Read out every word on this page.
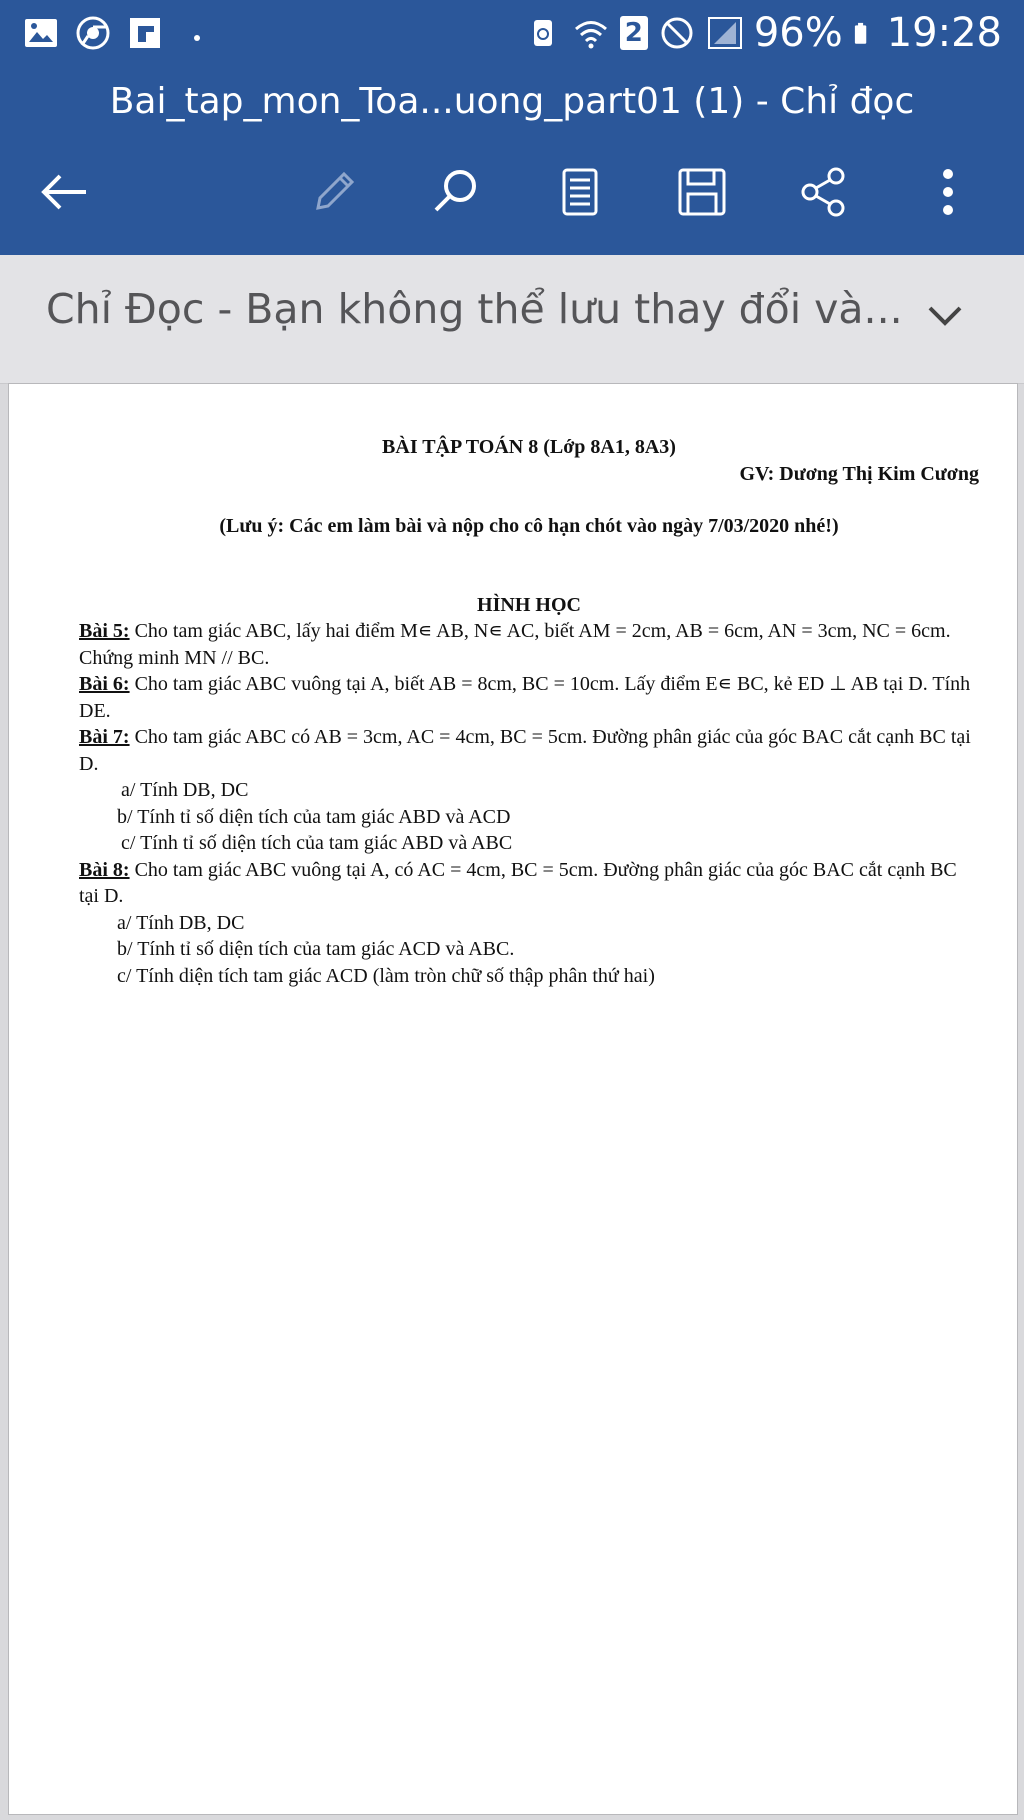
2	96% 19:28
Bai_tap_mon_Toa...uong_part01 (1) - Chỉ đọc
Chỉ Đọc - Bạn không thể lưu thay đổi và...
BÀI TẬP TOÁN 8 (Lớp 8A1, 8A3)
GV: Dương Thị Kim Cương
(Lưu ý: Các em làm bài và nộp cho cô hạn chót vào ngày 7/03/2020 nhé!)
HÌNH HỌC
Bài 5: Cho tam giác ABC, lấy hai điểm M∊ AB, N∊ AC, biết AM = 2cm, AB = 6cm, AN = 3cm, NC = 6cm. Chứng minh MN // BC.
Bài 6: Cho tam giác ABC vuông tại A, biết AB = 8cm, BC = 10cm. Lấy điểm E∊ BC, kẻ ED ⊥ AB tại D. Tính DE.
Bài 7: Cho tam giác ABC có AB = 3cm, AC = 4cm, BC = 5cm. Đường phân giác của góc BAC cắt cạnh BC tại D.
a/ Tính DB, DC
b/ Tính tỉ số diện tích của tam giác ABD và ACD
c/ Tính tỉ số diện tích của tam giác ABD và ABC
Bài 8: Cho tam giác ABC vuông tại A, có AC = 4cm, BC = 5cm. Đường phân giác của góc BAC cắt cạnh BC tại D.
a/ Tính DB, DC
b/ Tính tỉ số diện tích của tam giác ACD và ABC.
c/ Tính diện tích tam giác ACD (làm tròn chữ số thập phân thứ hai)
